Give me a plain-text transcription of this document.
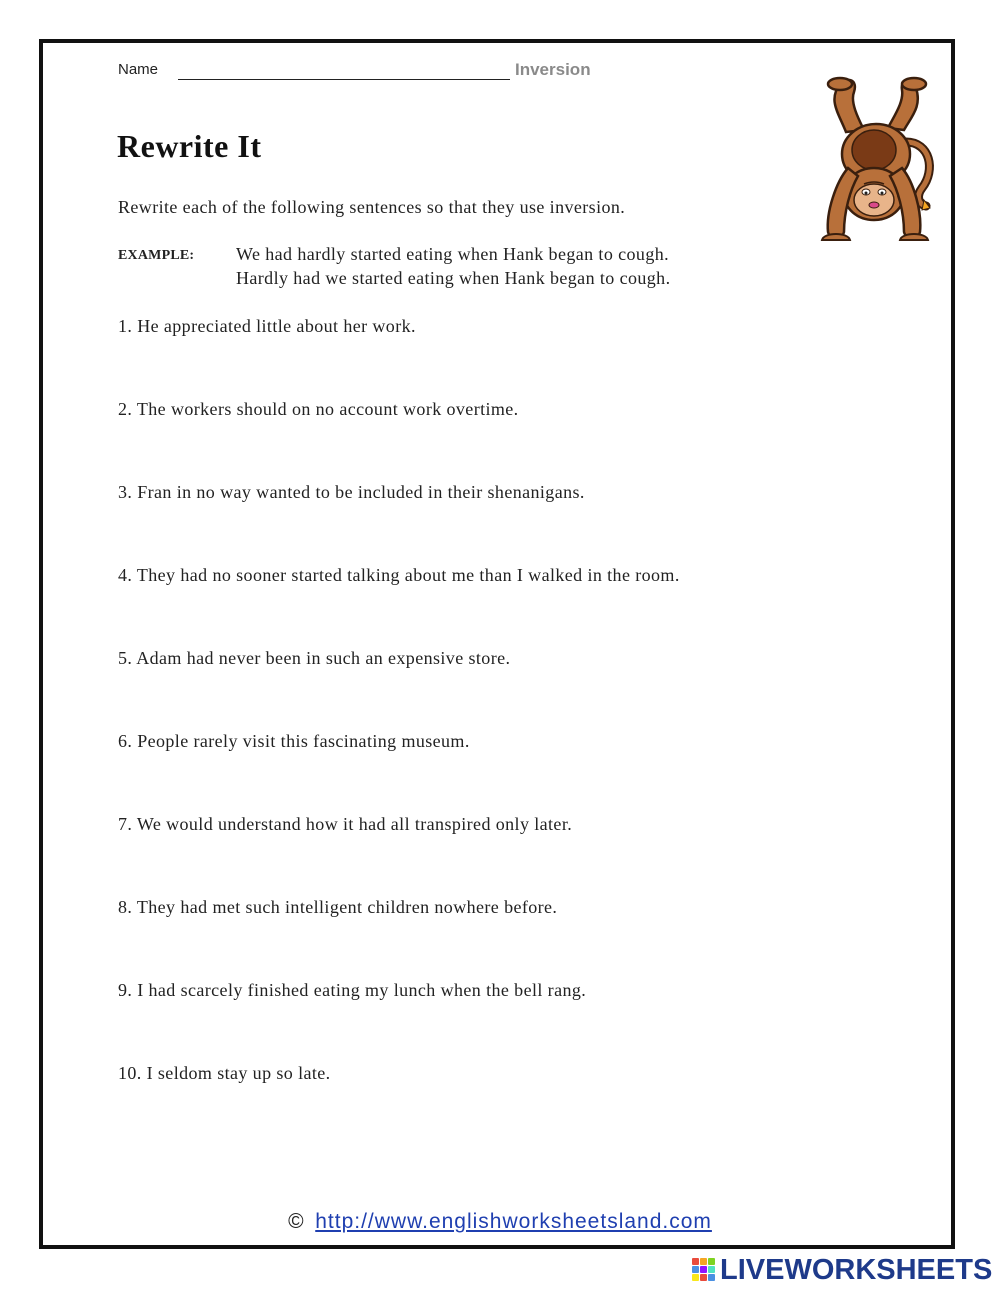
Name	Inversion
Rewrite It
Rewrite each of the following sentences so that they use inversion.
EXAMPLE: We had hardly started eating when Hank began to cough.
Hardly had we started eating when Hank began to cough.
1. He appreciated little about her work.
2. The workers should on no account work overtime.
3. Fran in no way wanted to be included in their shenanigans.
4. They had no sooner started talking about me than I walked in the room.
5. Adam had never been in such an expensive store.
6. People rarely visit this fascinating museum.
7. We would understand how it had all transpired only later.
8. They had met such intelligent children nowhere before.
9. I had scarcely finished eating my lunch when the bell rang.
10. I seldom stay up so late.
© http://www.englishworksheetsland.com
LIVEWORKSHEETS
